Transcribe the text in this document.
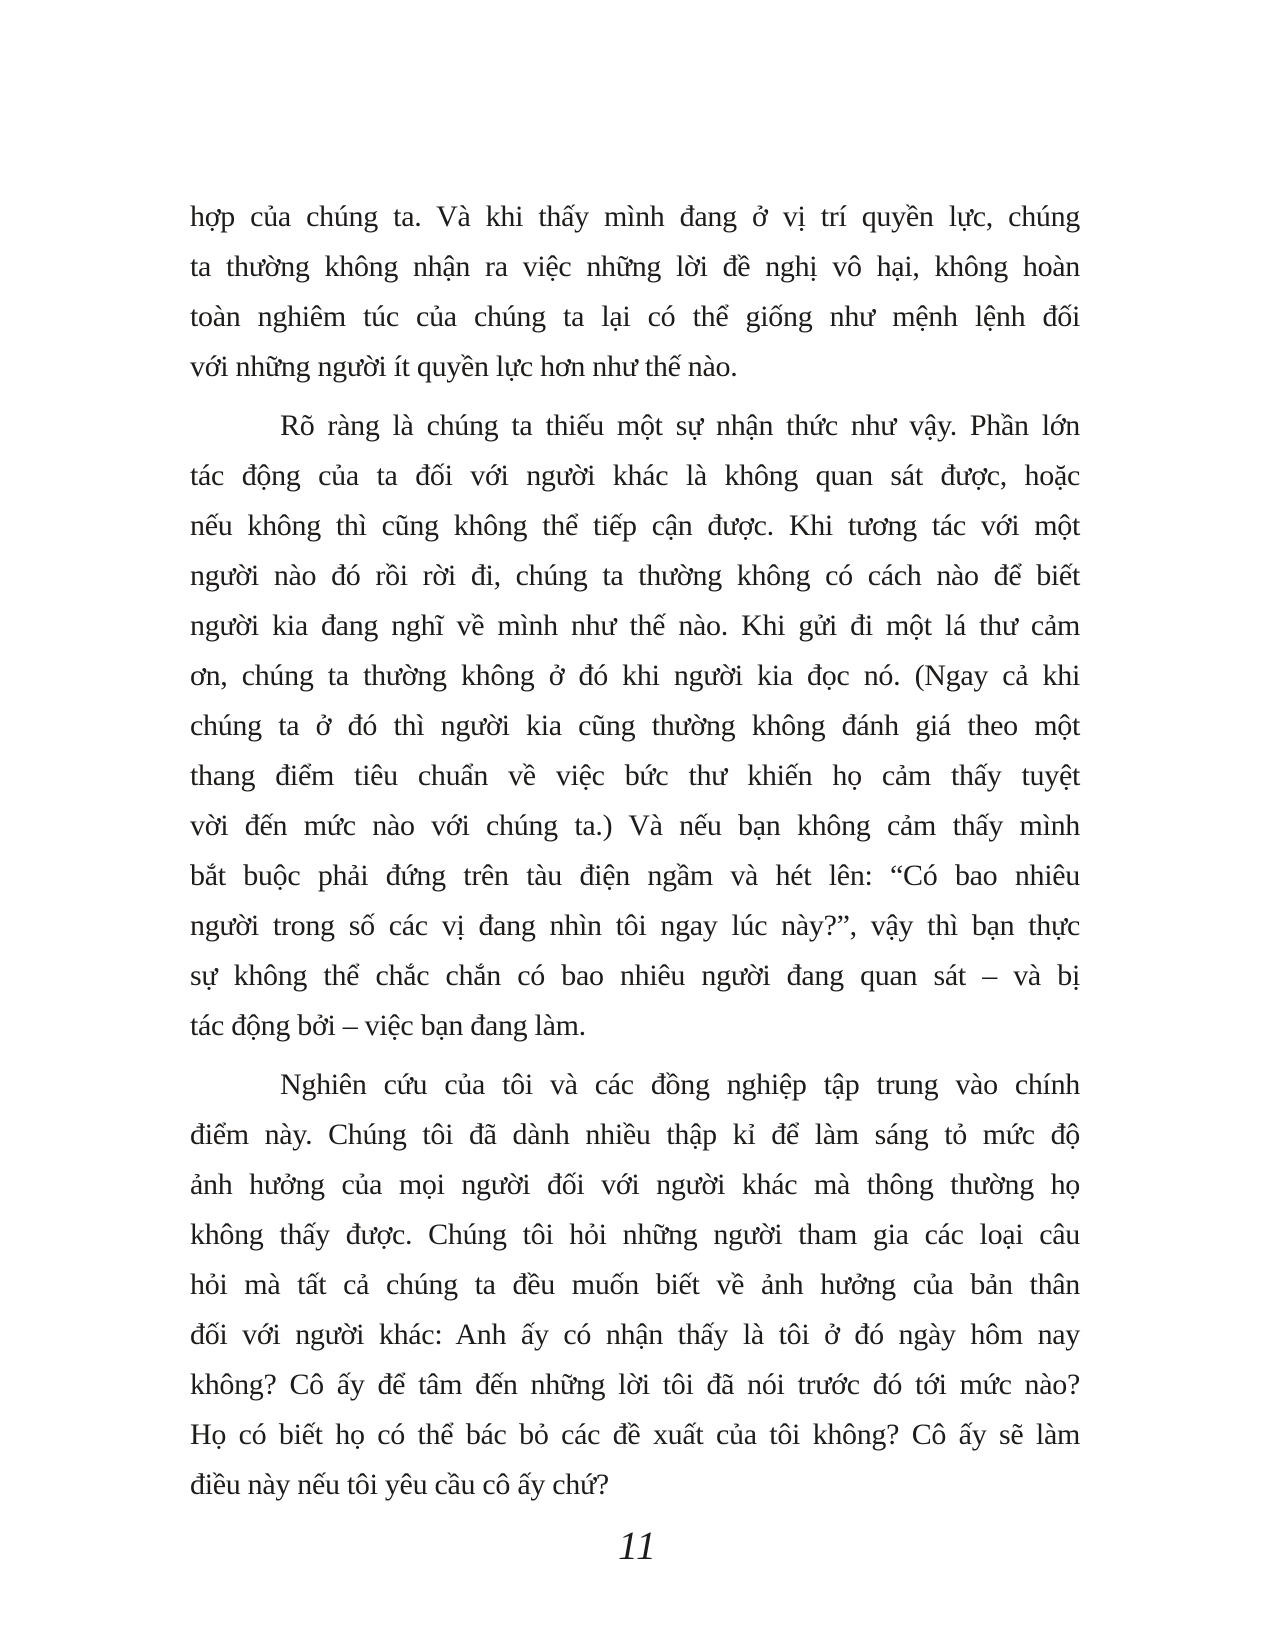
hợp của chúng ta. Và khi thấy mình đang ở vị trí quyền lực, chúng
ta thường không nhận ra việc những lời đề nghị vô hại, không hoàn
toàn nghiêm túc của chúng ta lại có thể giống như mệnh lệnh đối
với những người ít quyền lực hơn như thế nào.
Rõ ràng là chúng ta thiếu một sự nhận thức như vậy. Phần lớn
tác động của ta đối với người khác là không quan sát được, hoặc
nếu không thì cũng không thể tiếp cận được. Khi tương tác với một
người nào đó rồi rời đi, chúng ta thường không có cách nào để biết
người kia đang nghĩ về mình như thế nào. Khi gửi đi một lá thư cảm
ơn, chúng ta thường không ở đó khi người kia đọc nó. (Ngay cả khi
chúng ta ở đó thì người kia cũng thường không đánh giá theo một
thang điểm tiêu chuẩn về việc bức thư khiến họ cảm thấy tuyệt
vời đến mức nào với chúng ta.) Và nếu bạn không cảm thấy mình
bắt buộc phải đứng trên tàu điện ngầm và hét lên: “Có bao nhiêu
người trong số các vị đang nhìn tôi ngay lúc này?”, vậy thì bạn thực
sự không thể chắc chắn có bao nhiêu người đang quan sát – và bị
tác động bởi – việc bạn đang làm.
Nghiên cứu của tôi và các đồng nghiệp tập trung vào chính
điểm này. Chúng tôi đã dành nhiều thập kỉ để làm sáng tỏ mức độ
ảnh hưởng của mọi người đối với người khác mà thông thường họ
không thấy được. Chúng tôi hỏi những người tham gia các loại câu
hỏi mà tất cả chúng ta đều muốn biết về ảnh hưởng của bản thân
đối với người khác: Anh ấy có nhận thấy là tôi ở đó ngày hôm nay
không? Cô ấy để tâm đến những lời tôi đã nói trước đó tới mức nào?
Họ có biết họ có thể bác bỏ các đề xuất của tôi không? Cô ấy sẽ làm
điều này nếu tôi yêu cầu cô ấy chứ?
11
